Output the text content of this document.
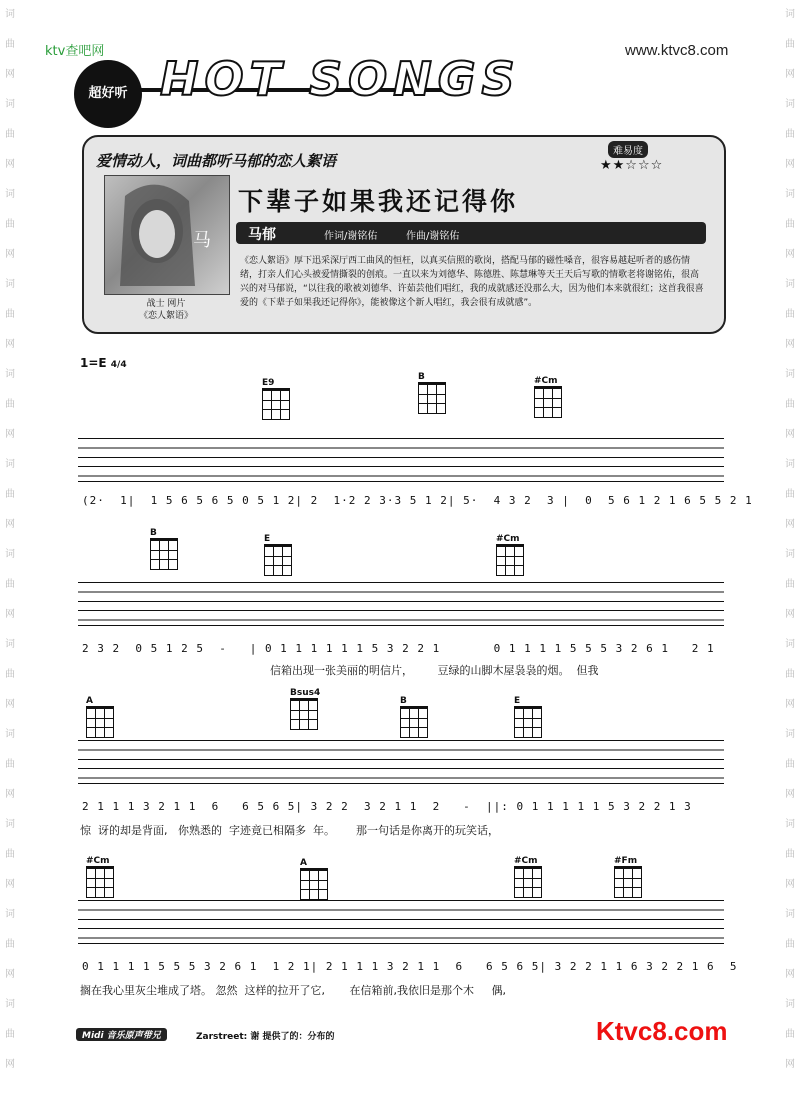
词
曲
网
词
曲
网
词
曲
网
词
曲
网
词
曲
网
词
曲
网
词
曲
网
词
曲
网
词
曲
网
词
曲
网
词
曲
网
词
曲
网
词
曲
网
词
曲
网
词
曲
网
词
曲
网
词
曲
网
词
曲
网
词
曲
网
词
曲
网
词
曲
网
词
曲
网
词
曲
网
词
曲
网
ktv查吧网	www.ktvc8.com
超好听 HOT SONGS
爱情动人，词曲都听马郁的恋人絮语
难易度
★★☆☆☆
马
战士 网片
《恋人絮语》
下辈子如果我还记得你
马郁	作词/谢铭佑	作曲/谢铭佑
《恋人絮语》厚下迅采深厅西工曲风的恒枉，以真买信照的歌岗，搭配马郁的磁性嗓音，很容易越起听者的感伤情绪，打亲人们心头被爱情撕裂的创痕。一直以来为刘德华、陈德胜、陈慧琳等天王天后写歌的情歌老将谢铭佑，很高兴的对马郁说，“以往我的歌被刘德华、许茹芸他们唱红，我的成就感还没那么大，因为他们本来就很红；这首我很喜爱的《下辈子如果我还记得你》，能被像这个新人唱红，我会很有成就感”。
1=E 4/4
E9
B	#Cm
(2·  1|  1 5 6 5 6 5 0 5 1 2| 2  1·2 2 3·3 5 1 2| 5·  4 3 2  3 |  0  5 6 1 2 1 6 5 5 2 1
B
E	#Cm
2 3 2  0 5 1 2 5  -   | 0 1 1 1 1 1 1 5 3 2 2 1       0 1 1 1 1 5 5 5 3 2 6 1   2 1
信箱出现一张美丽的明信片，       豆绿的山脚木屋袅袅的烟。  但我
A
Bsus4
B	E
2 1 1 1 3 2 1 1  6   6 5 6 5| 3 2 2  3 2 1 1  2   -  ||: 0 1 1 1 1 1 5 3 2 2 1 3
惊  讶的却是背面,   你熟悉的  字迹竟已相隔多  年。      那一句话是你离开的玩笑话，
#Cm	A	#Cm	#Fm
0 1 1 1 1 5 5 5 3 2 6 1  1 2 1| 2 1 1 1 3 2 1 1  6   6 5 6 5| 3 2 2 1 1 6 3 2 2 1 6  5
搁在我心里灰尘堆成了塔。 忽然  这样的拉开了它,       在信箱前,我依旧是那个木     偶,
Midi 音乐原声带兄	Zarstreet: 谢 提供了的：分布的	Ktvc8.com
